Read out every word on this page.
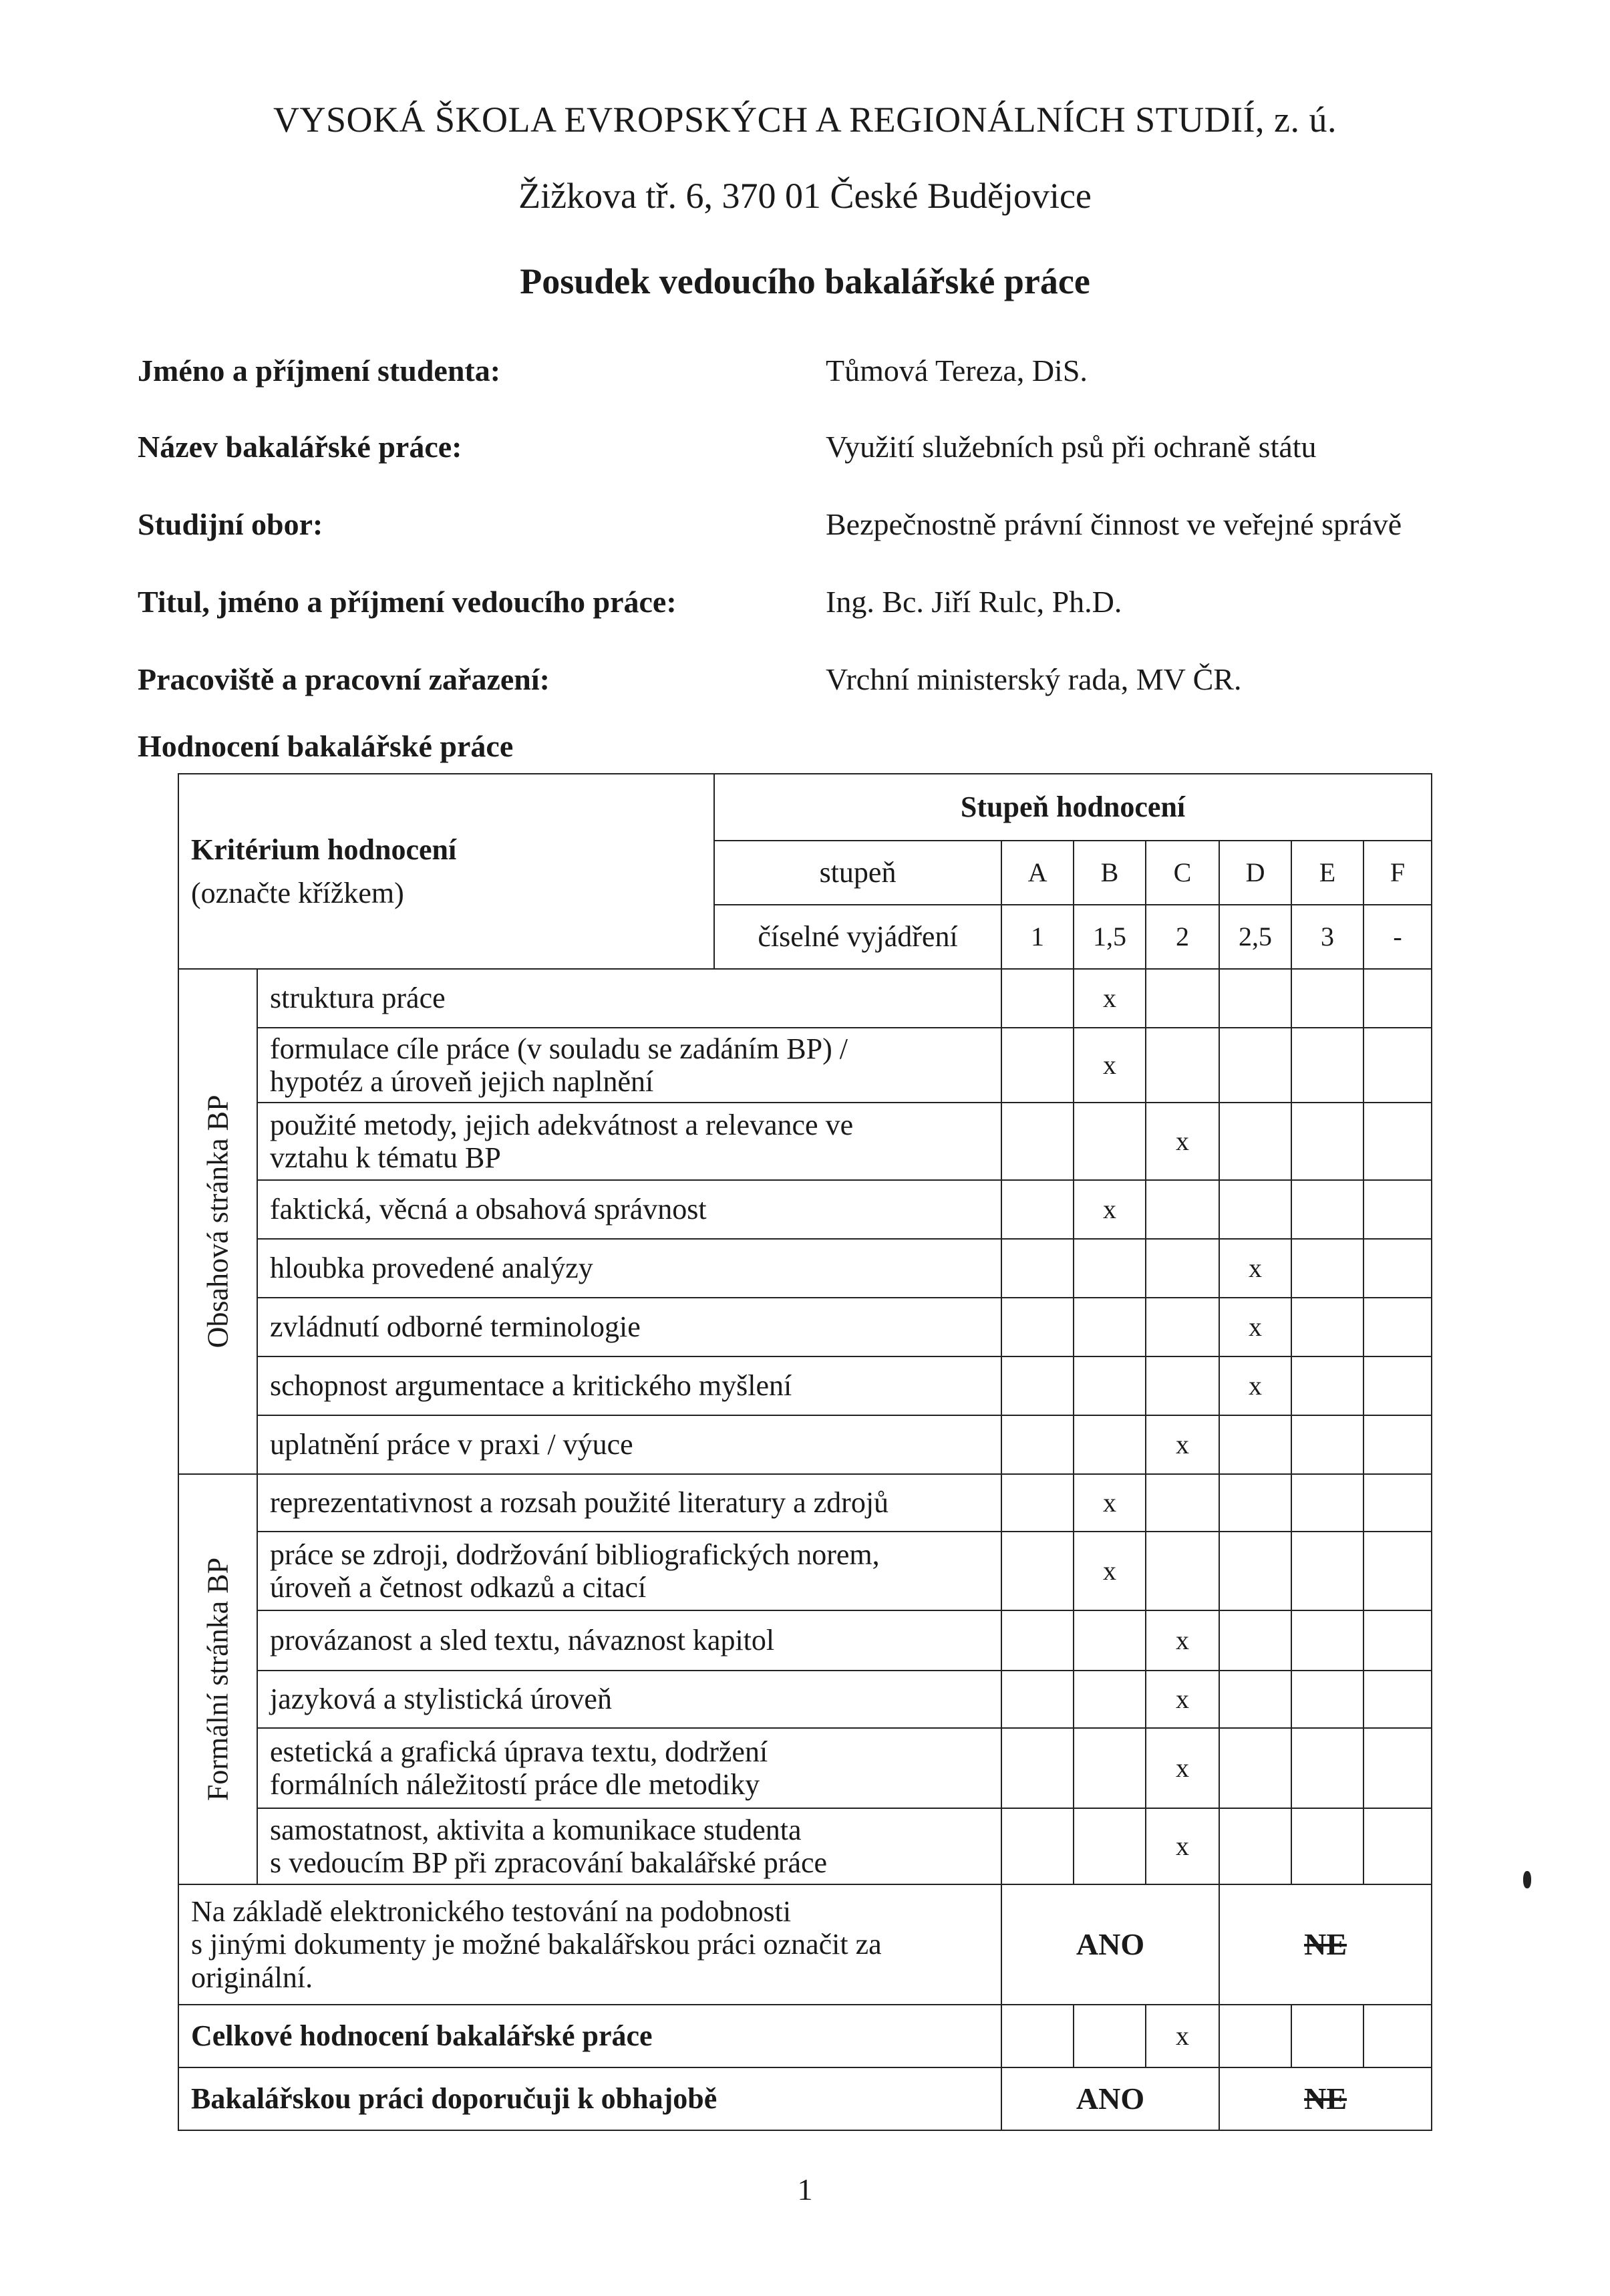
VYSOKÁ ŠKOLA EVROPSKÝCH A REGIONÁLNÍCH STUDIÍ, z. ú.
Žižkova tř. 6, 370 01 České Budějovice
Posudek vedoucího bakalářské práce
Jméno a příjmení studenta:	Tůmová Tereza, DiS.
Název bakalářské práce:	Využití služebních psů při ochraně státu
Studijní obor:	Bezpečnostně právní činnost ve veřejné správě
Titul, jméno a příjmení vedoucího práce:	Ing. Bc. Jiří Rulc, Ph.D.
Pracoviště a pracovní zařazení:	Vrchní ministerský rada, MV ČR.
Hodnocení bakalářské práce
Kritérium hodnocení
(označte křížkem)		Stupeň hodnocení						
		stupeň	A	B	C	D	E	F
		číselné vyjádření	1	1,5	2	2,5	3	-

Obsahová stránka BP	struktura práce			x				

	formulace cíle práce (v souladu se zadáním BP) /
hypotéz a úroveň jejich naplnění			x				

	použité metody, jejich adekvátnost a relevance ve
vztahu k tématu BP				x			
	faktická, věcná a obsahová správnost			x				
	hloubka provedené analýzy					x		
	zvládnutí odborné terminologie					x		
	schopnost argumentace a kritického myšlení					x		
	uplatnění práce v praxi / výuce				x			

Formální stránka BP	reprezentativnost a rozsah použité literatury a zdrojů			x				

	práce se zdroji, dodržování bibliografických norem,
úroveň a četnost odkazů a citací			x				
	provázanost a sled textu, návaznost kapitol				x			
	jazyková a stylistická úroveň				x			

	estetická a grafická úprava textu, dodržení
formálních náležitostí práce dle metodiky				x			

	samostatnost, aktivita a komunikace studenta
s vedoucím BP při zpracování bakalářské práce				x			

Na základě elektronického testování na podobnosti
s jinými dokumenty je možné bakalářskou práci označit za
originální.			ANO			NE		
Celkové hodnocení bakalářské práce					x			
Bakalářskou práci doporučuji k obhajobě			ANO			NE		
1
